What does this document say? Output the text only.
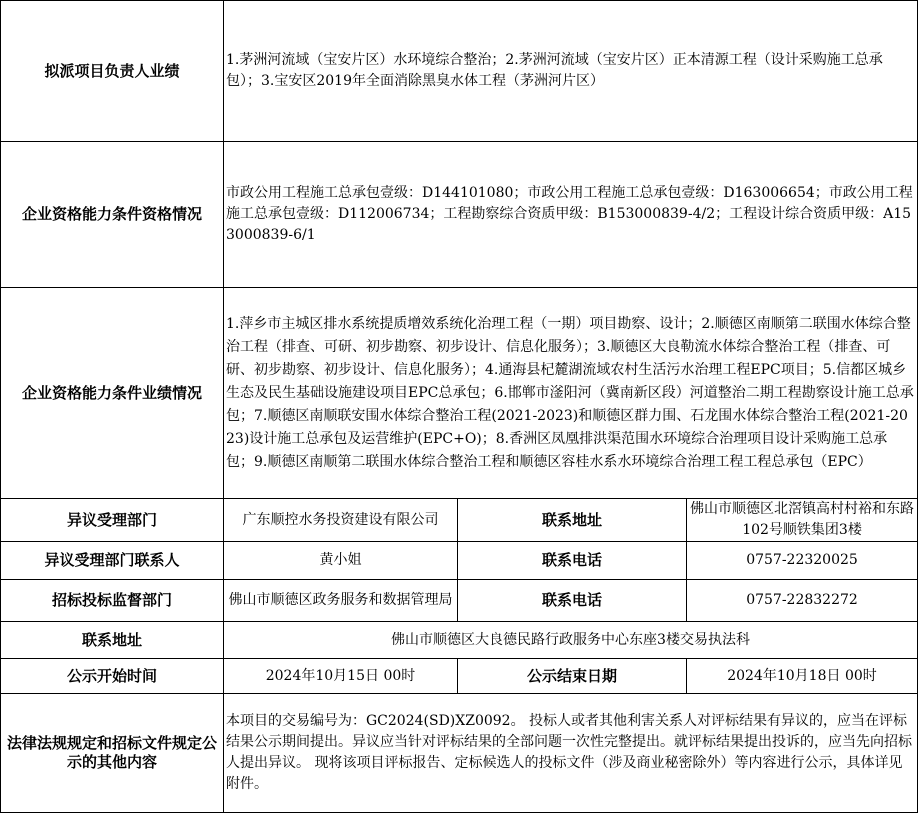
拟派项目负责人业绩	1.茅洲河流域（宝安片区）水环境综合整治；2.茅洲河流域（宝安片区）正本清源工程（设计采购施工总承包）；3.宝安区2019年全面消除黑臭水体工程（茅洲河片区）		
企业资格能力条件资格情况	市政公用工程施工总承包壹级：D144101080；市政公用工程施工总承包壹级：D163006654；市政公用工程施工总承包壹级：D112006734；工程勘察综合资质甲级：B153000839-4/2；工程设计综合资质甲级：A153000839-6/1		
企业资格能力条件业绩情况	1.萍乡市主城区排水系统提质增效系统化治理工程（一期）项目勘察、设计；2.顺德区南顺第二联围水体综合整治工程（排查、可研、初步勘察、初步设计、信息化服务）；3.顺德区大良勒流水体综合整治工程（排查、可研、初步勘察、初步设计、信息化服务）；4.通海县杞麓湖流域农村生活污水治理工程EPC项目；5.信都区城乡生态及民生基础设施建设项目EPC总承包；6.邯郸市滏阳河（冀南新区段）河道整治二期工程勘察设计施工总承包；7.顺德区南顺联安围水体综合整治工程(2021-2023)和顺德区群力围、石龙围水体综合整治工程(2021-2023)设计施工总承包及运营维护(EPC+O)；8.香洲区凤凰排洪渠范围水环境综合治理项目设计采购施工总承包；9.顺德区南顺第二联围水体综合整治工程和顺德区容桂水系水环境综合治理工程工程总承包（EPC）		
异议受理部门	广东顺控水务投资建设有限公司	联系地址	佛山市顺德区北滘镇高村村裕和东路102号顺铁集团3楼
异议受理部门联系人	黄小姐	联系电话	0757-22320025
招标投标监督部门	佛山市顺德区政务服务和数据管理局	联系电话	0757-22832272
联系地址	佛山市顺德区大良德民路行政服务中心东座3楼交易执法科		
公示开始时间	2024年10月15日 00时	公示结束日期	2024年10月18日 00时
法律法规规定和招标文件规定公示的其他内容	本项目的交易编号为：GC2024(SD)XZ0092。 投标人或者其他利害关系人对评标结果有异议的，应当在评标结果公示期间提出。异议应当针对评标结果的全部问题一次性完整提出。就评标结果提出投诉的，应当先向招标人提出异议。 现将该项目评标报告、定标候选人的投标文件（涉及商业秘密除外）等内容进行公示，具体详见附件。		
